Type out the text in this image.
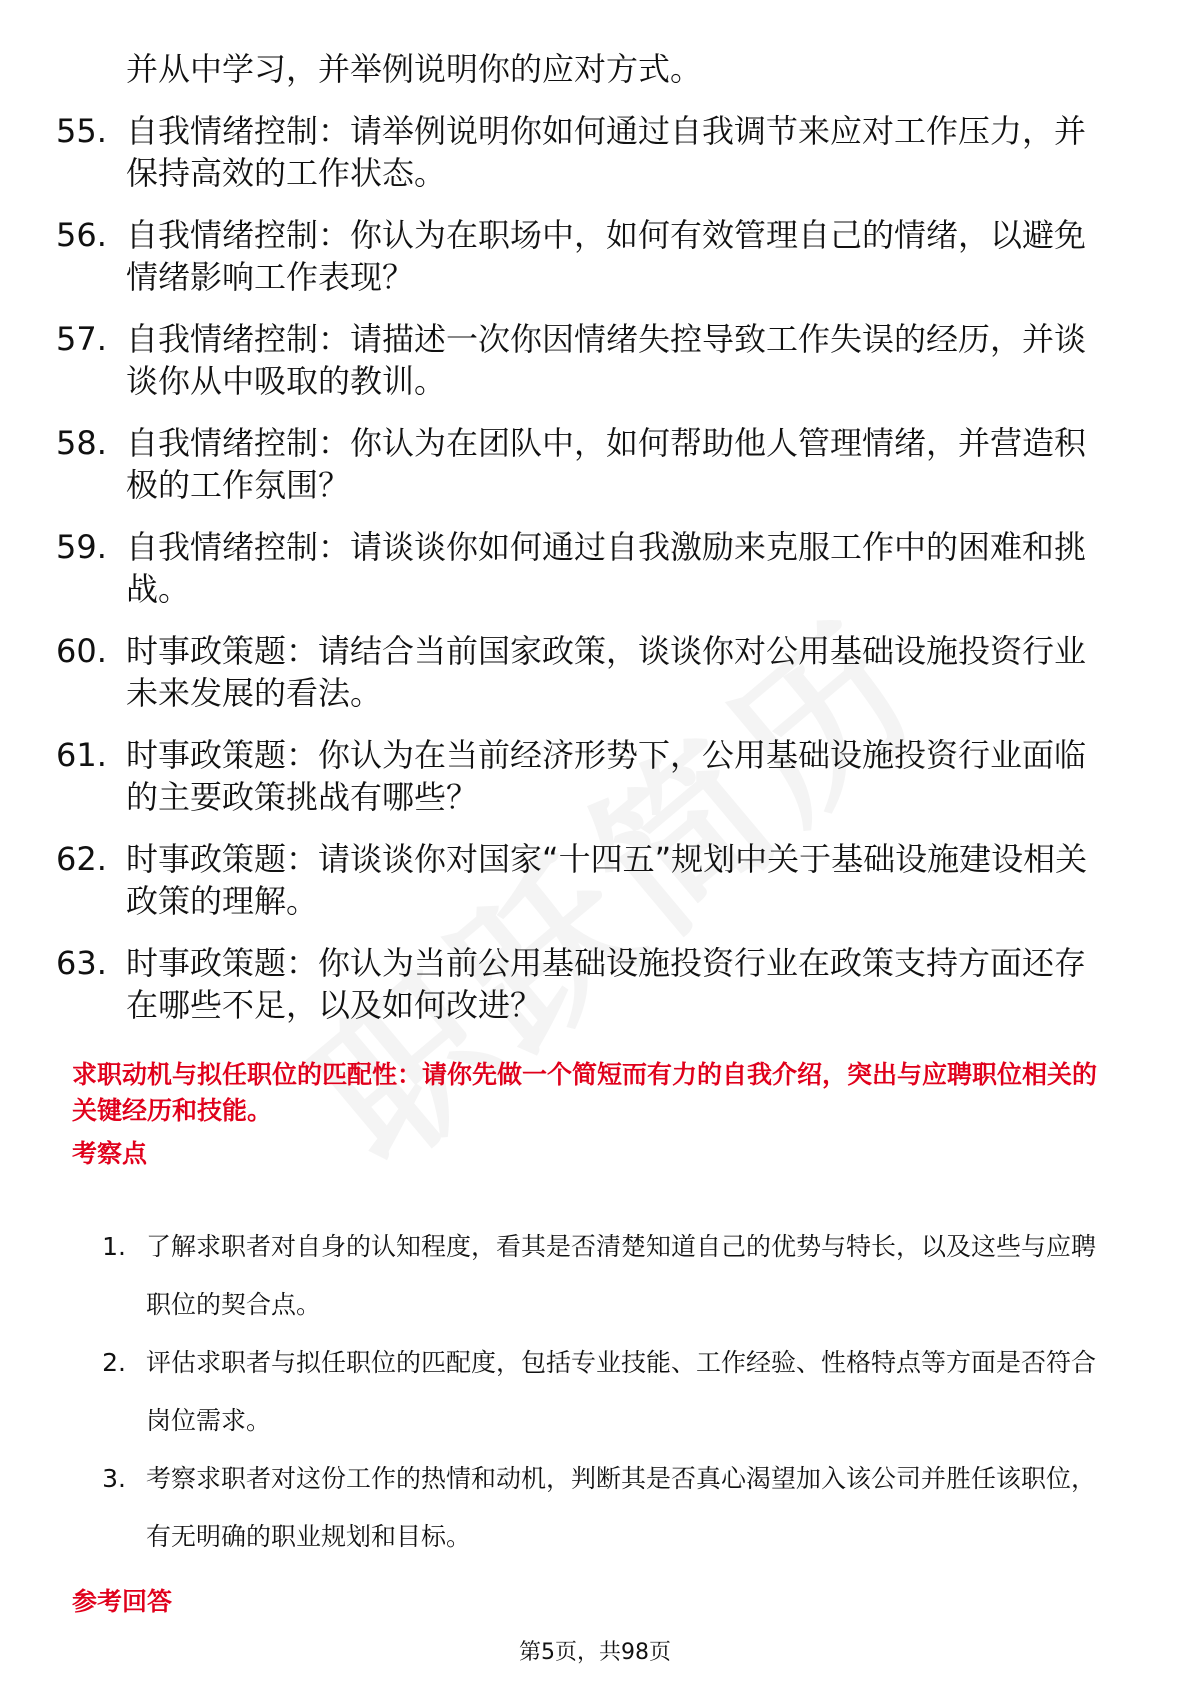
并从中学习，并举例说明你的应对方式。
55. 自我情绪控制：请举例说明你如何通过自我调节来应对工作压力，并保持高效的工作状态。
56. 自我情绪控制：你认为在职场中，如何有效管理自己的情绪，以避免情绪影响工作表现？
57. 自我情绪控制：请描述一次你因情绪失控导致工作失误的经历，并谈谈你从中吸取的教训。
58. 自我情绪控制：你认为在团队中，如何帮助他人管理情绪，并营造积极的工作氛围？
59. 自我情绪控制：请谈谈你如何通过自我激励来克服工作中的困难和挑战。
60. 时事政策题：请结合当前国家政策，谈谈你对公用基础设施投资行业未来发展的看法。
61. 时事政策题：你认为在当前经济形势下，公用基础设施投资行业面临的主要政策挑战有哪些？
62. 时事政策题：请谈谈你对国家“十四五”规划中关于基础设施建设相关政策的理解。
63. 时事政策题：你认为当前公用基础设施投资行业在政策支持方面还存在哪些不足，以及如何改进？
求职动机与拟任职位的匹配性：请你先做一个简短而有力的自我介绍，突出与应聘职位相关的关键经历和技能。
考察点
1. 了解求职者对自身的认知程度，看其是否清楚知道自己的优势与特长，以及这些与应聘职位的契合点。
2. 评估求职者与拟任职位的匹配度，包括专业技能、工作经验、性格特点等方面是否符合岗位需求。
3. 考察求职者对这份工作的热情和动机，判断其是否真心渴望加入该公司并胜任该职位，有无明确的职业规划和目标。
参考回答
第5页，共98页
